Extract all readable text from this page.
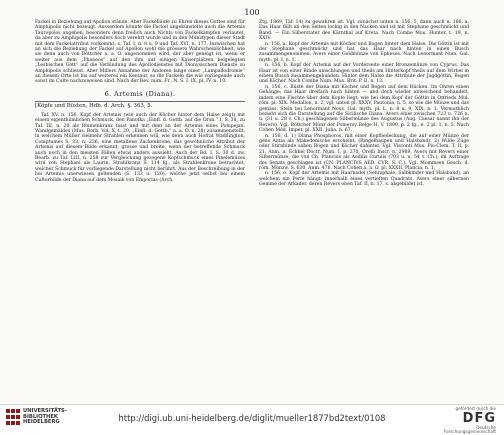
100

Fackel in Beziehung auf Apollon stände. Aber Fackelläufe zu Ehren dieses Gottes sind für Amphipolis nicht bezeugt. Ausserdem könnte die Fackel ungekünstelte auch die Artemis Tauropolos angehen, besonders denn freilich auch Nichts von Fackelkämpfen verlautet, da aber zu Amphipolis besonders hoch verehrt wurde und in den Münztypen dieser Stadt mit dem Fackelattribut vorkommt, s. Taf. I, n. 8 u. 9 und Taf. XVI, n. 177. Inzwischen hat an sich die Beziehung der Fackel auf Apollon wohl die grössere Wahrscheinlichkeit, wie sie denn auch von Böttcher a. a. O. angenommen wird, der aber geneigt ist, wenn er weiter aus dem „Phaneos“ auf den ihm auf einigen Kaiserplätzen beigelegten „Lesbischen Gott“ auf die Verbindung des Apollodienstes mit Dionysischem Dienste zu Amphipolis schliesst. Aber Millers Annahme der Anderen lange einer „Lampadodromie“ an diesem Orte ist bis auf weiteres ein Kentaur, so die Fackeln die wie vorliegende auch sonst im Culte nachzuweisen sind. Nach der Rev. num. Fr., N. S. I. IX, pl. IV, n. 10.

6. Artemis (Diana).
[Köpfe und Büsten, Hdb. d. Arch. §. 363, 5.

Taf. XV. n. 156. Kopf der Artemis (wie auch der Köcher hinter dem Halse zeigt) mit einem eigenthümlichen Schmuck, den Panofka „Einfl. d. Gottb. auf die Orsn.“ I, S. 38, zu Taf. III, n. 20 als Blumenkranz fasst und mit dem an der Artemis eines Pompejan. Wandgemäldes (Mus. Borb. Vol. X, t. 20, „Einfl. d. Gottb.“ a. a. O. n. 28) zusammenstellt, in welchem Müller vielmehr Strahlen erkennen will, wie denn auch Hofrat Waddington, Comptumes S. 33, n. 236, eine metallene Zackenkrone, das gewöhnliche Attribut der Artemis auf diesem Bilde erkannt, grosse und breite, wenn der betreffende Schmuck auch noch in den meisten Fällen etwas anders aussieht. Auch der Bd. I, S. 30 d. zw. Bearb. zu Taf. LIII. n. 258 zur Vergleichung gezogene Kopfschmuck eines Pinelemüzes wird von Stephani als Laurin, Strahlkranz S. 114 fg., als Strahlenkrone betrachtet, welcher Schmuck für vorliegende Darstellung nicht berührt. Aus der Beschreibung in der bei Artemis unerwiesen geltenden (S. 133 u. 120), welche jetzt selbst bei einem Culturbilde der Diana auf dem Mosaik von Emporias (Arch.

Ztg. 1869, Taf. 14) zu gewahren ist. Vgl. zunächst unten n. 156, 5, dann auch n. 166, a. Das Haar fällt an den Seiten lockig in den Nacken und ist mit Stephane geschmückt und Band. — Ein Silberstater des Kärnthal auf Kreta. Nach Combe Mus. Hunter. t. 19, n. XXIV.

n. 156, a. Kopf der Artemis mit Köcher und Bogen hinter dem Halse. Die Göttin ist mit der Stephane geschmückt und hat das Haar nach hinten in einen Busch zusammengenommen. Avers einer Goldmünze von Ephesos. Nach Lenormant Num. Gal. myth. pl. I, n. 1.

n. 156, b. Kopf der Artemis auf der Vorderseite einer Bronzemünze von Cyprus. Das Haar ist von einer Binde umschlungen und theils am Hinterkopf theils auf dem Wirbel in einem Busch zusammengebunden. Hinter dem Halse die Attribute der Jagdgöttin, Bogen und Köcher. Nach Combe Num. Mus. Brit. P. II, n. 13.

n. 156, c. Büste der Diana mit Köcher und Bogen auf dem Rücken. Im Ohren einen Gehänge; das Haar dreifach nach hinten — und doch wieder abweichend behandelt, indem eine Flechte über dem Kopfe liegt, wie bei dem Kopf der Göttin in Otfrieds Mul. röm. pl. XIX. Medallon, n. 2, vgl. unten pl. XXXV, Pautonia, n. 5, so wie die Münze und das gemäss. Stein bei Lenormant Nouv. Gal. myth. pl. L, n. 8 u. 9, XIX, n. 1. Vermuthlich bezieht sich die Darstellung auf die Sicilische Diana. Avers einer zwischen 723 u. 726 n. u. (31 u. 28 v. Ch.) geschlagenen Silbermünze des Augustus (Aug. Caesar nannt ihn der Revers). Vgl. Böttcher Münz der Pomeroy Belge H. V. 1890, p. 2 fg., n. 2 pl. 1, n. 5. Nach Cohen Méd. Imper. pl. XXII. Julia, n. 67.

n. 156, d. 1) Diana Phosphoros, mit einer Kopfbedeckung, die auf einer Münze der gens Antia als Makedonische erscheint, (Ringelhaupen und Halsband). 2) Wilde Züge oder Stirnbinde sahen Bogen und Köcher dahinter. Vgl. Visconti Mus. Pio-Clem. T. II, p. 21, Anm. a. Eckhel Doctr. Num. I, p. 270, Orelli Inscr. n. 2989. Avers mit Revers einer Silbermünze, die von Ch. Plancius als Aedilis Curulis (703 u. u. 54 v. Ch.), im Auftrage des Senats geschlagen ist (CN. PLANCIVS AED. CVR. S. C.). Vgl. Mommsen Gesch. d. röm. Münzw. S. 630, Anm. 476. Nach Cohen a. a. O. pl. XXXII, Plancia, n. 1.

n. 156, e. Kopf der Artemis mit Haarnadel (Sehrzphale, Salbkinder und Halsband), an welchem ein Perle hängt; innerhalb eines vertieften Quadrats. Avers einer silbernen Gemme der Arkader, deren Revers oben Taf. II, n. 17, s. abgebildet ist.

UNIVERSITÄTS-
BIBLIOTHEK
HEIDELBERG	http://digi.ub.uni-heidelberg.de/diglit/mueller1877bd2text/0108
gefördert durch die
DFG
Deutsche
Forschungsgemeinschaft
